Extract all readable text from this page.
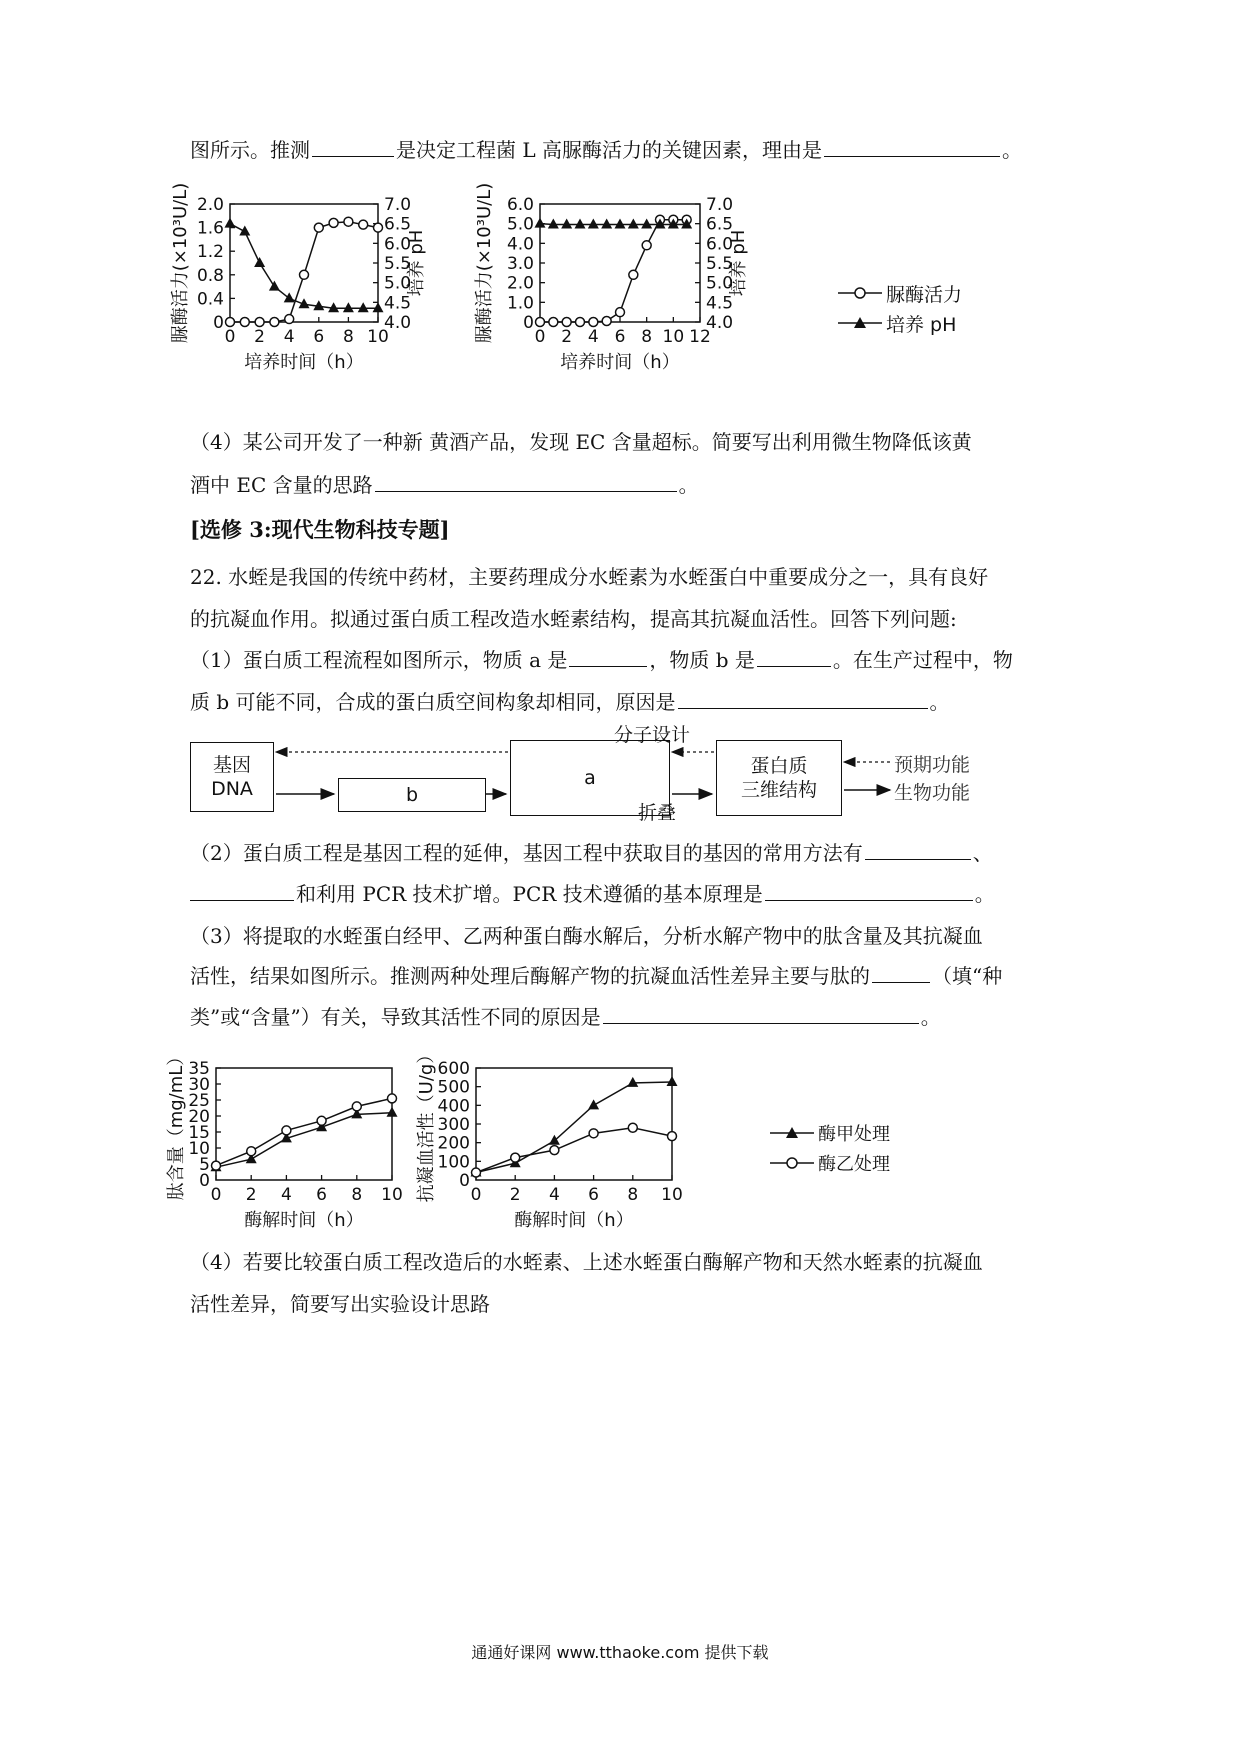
图所示。推测	是决定工程菌 L 高脲酶活力的关键因素，理由是	。
0 2 4 6 8 10
0.4
0.8
1.2
1.6
2.0
4.0
4.5
5.0
5.5
6.0
6.5
7.0
培养 pH
培养时间（h）
脲酶活力(×10³U/L) 0
0 2 4 6 8 10 12
1.0
2.0
3.0
4.0
5.0
6.0
4.0
4.5
5.0
5.5
6.0
6.5
7.0
培养 pH
培养时间（h）
脲酶活力(×10³U/L) 0
脲酶活力
培养 pH
（4）某公司开发了一种新 黄酒产品，发现 EC 含量超标。简要写出利用微生物降低该黄
酒中 EC 含量的思路	。
[选修 3:现代生物科技专题]
22. 水蛭是我国的传统中药材，主要药理成分水蛭素为水蛭蛋白中重要成分之一，具有良好
的抗凝血作用。拟通过蛋白质工程改造水蛭素结构，提高其抗凝血活性。回答下列问题:
（1）蛋白质工程流程如图所示，物质 a 是	，物质 b 是	。在生产过程中，物
质 b 可能不同，合成的蛋白质空间构象却相同，原因是	。
基因
DNA	b
a
蛋白质
三维结构
分子设计
折叠
预期功能
生物功能
（2）蛋白质工程是基因工程的延伸，基因工程中获取目的基因的常用方法有	、
和利用 PCR 技术扩增。PCR 技术遵循的基本原理是	。
（3）将提取的水蛭蛋白经甲、乙两种蛋白酶水解后，分析水解产物中的肽含量及其抗凝血
活性，结果如图所示。推测两种处理后酶解产物的抗凝血活性差异主要与肽的	（填“种
类”或“含量”）有关，导致其活性不同的原因是	。
0 2 4 6 8 10
5
10
15
20
25
30
35
酶解时间（h）
肽含量（mg/mL） 0
0 2 4 6 8 10
100
200
300
400
500
600
酶解时间（h）
抗凝血活性（U/g） 0
酶甲处理
酶乙处理
（4）若要比较蛋白质工程改造后的水蛭素、上述水蛭蛋白酶解产物和天然水蛭素的抗凝血
活性差异，简要写出实验设计思路
通通好课网 www.tthaoke.com 提供下载
